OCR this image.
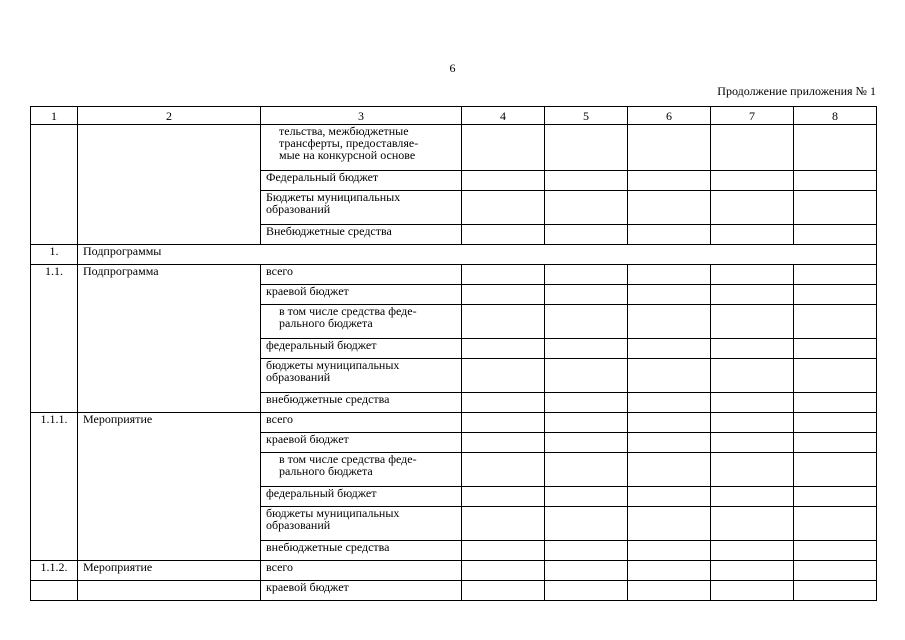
6
Продолжение приложения № 1
1	2	3	4	5	6	7	8

		тельства, межбюджетные
трансферты, предоставляе-
мые на конкурсной основе					

		Федеральный бюджет					
		Бюджеты муниципальных образований					
		Внебюджетные средства					
1.	Подпрограммы						
1.1.	Подпрограмма	всего					
		краевой бюджет					
		в том числе средства феде-рального бюджета					
		федеральный бюджет					
		бюджеты муниципальных образований					
		внебюджетные средства					
1.1.1.	Мероприятие	всего					
		краевой бюджет					
		в том числе средства феде-рального бюджета					
		федеральный бюджет					
		бюджеты муниципальных образований					
		внебюджетные средства					
1.1.2.	Мероприятие	всего					
		краевой бюджет					
